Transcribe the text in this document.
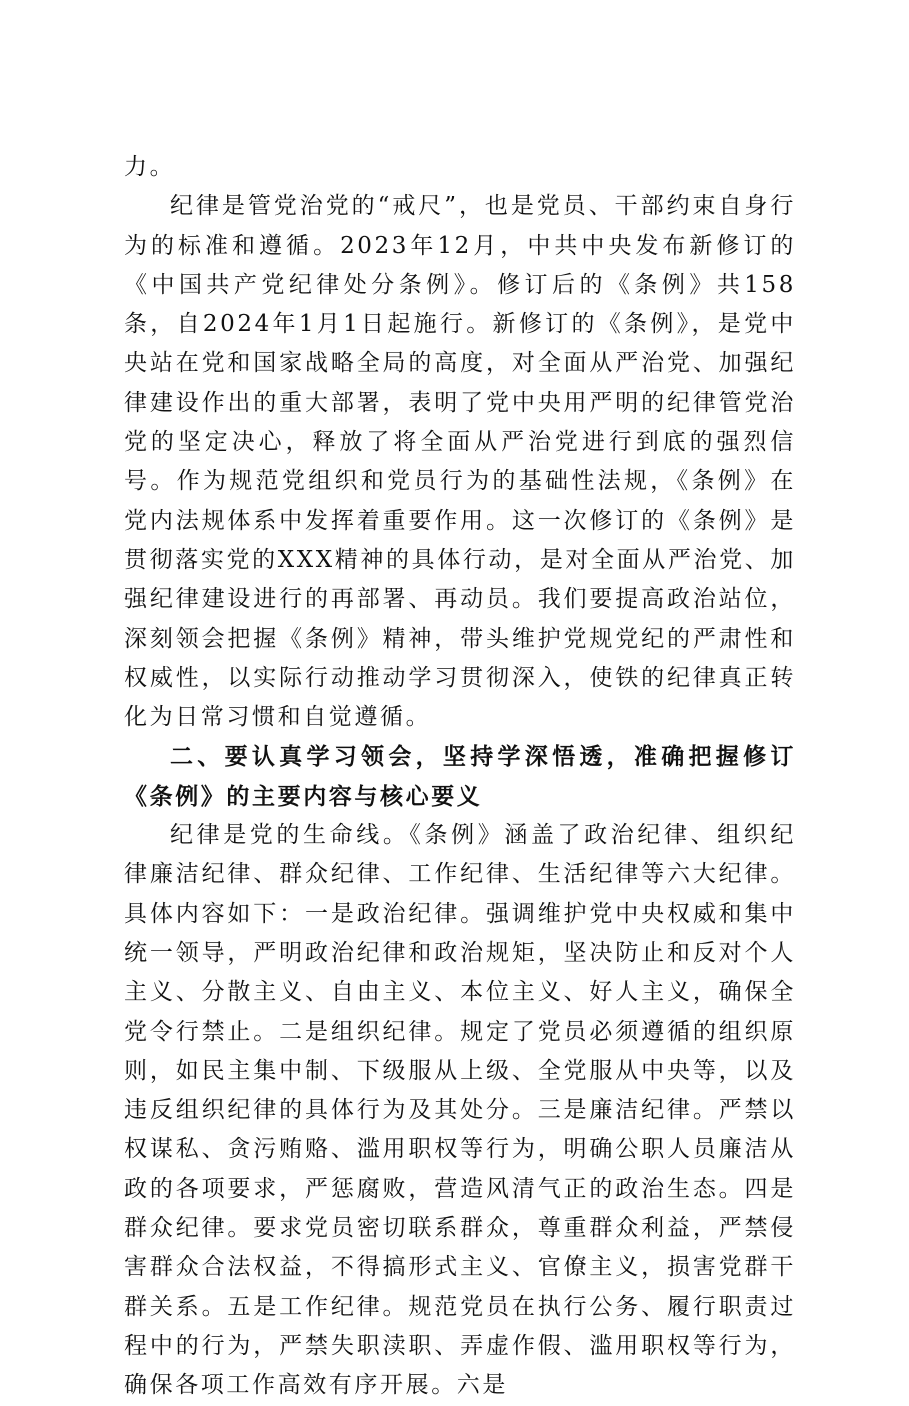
力。

纪律是管党治党的“戒尺”，也是党员、干部约束自身行为的标准和遵循。2023年12月，中共中央发布新修订的《中国共产党纪律处分条例》。修订后的《条例》共158条，自2024年1月1日起施行。新修订的《条例》，是党中央站在党和国家战略全局的高度，对全面从严治党、加强纪律建设作出的重大部署，表明了党中央用严明的纪律管党治党的坚定决心，释放了将全面从严治党进行到底的强烈信号。作为规范党组织和党员行为的基础性法规，《条例》在党内法规体系中发挥着重要作用。这一次修订的《条例》是贯彻落实党的XXX精神的具体行动，是对全面从严治党、加强纪律建设进行的再部署、再动员。我们要提高政治站位，深刻领会把握《条例》精神，带头维护党规党纪的严肃性和权威性，以实际行动推动学习贯彻深入，使铁的纪律真正转化为日常习惯和自觉遵循。

二、要认真学习领会，坚持学深悟透，准确把握修订《条例》的主要内容与核心要义

纪律是党的生命线。《条例》涵盖了政治纪律、组织纪律廉洁纪律、群众纪律、工作纪律、生活纪律等六大纪律。具体内容如下：一是政治纪律。强调维护党中央权威和集中统一领导，严明政治纪律和政治规矩，坚决防止和反对个人主义、分散主义、自由主义、本位主义、好人主义，确保全党令行禁止。二是组织纪律。规定了党员必须遵循的组织原则，如民主集中制、下级服从上级、全党服从中央等，以及违反组织纪律的具体行为及其处分。三是廉洁纪律。严禁以权谋私、贪污贿赂、滥用职权等行为，明确公职人员廉洁从政的各项要求，严惩腐败，营造风清气正的政治生态。四是群众纪律。要求党员密切联系群众，尊重群众利益，严禁侵害群众合法权益，不得搞形式主义、官僚主义，损害党群干群关系。五是工作纪律。规范党员在执行公务、履行职责过程中的行为，严禁失职渎职、弄虚作假、滥用职权等行为，确保各项工作高效有序开展。六是
